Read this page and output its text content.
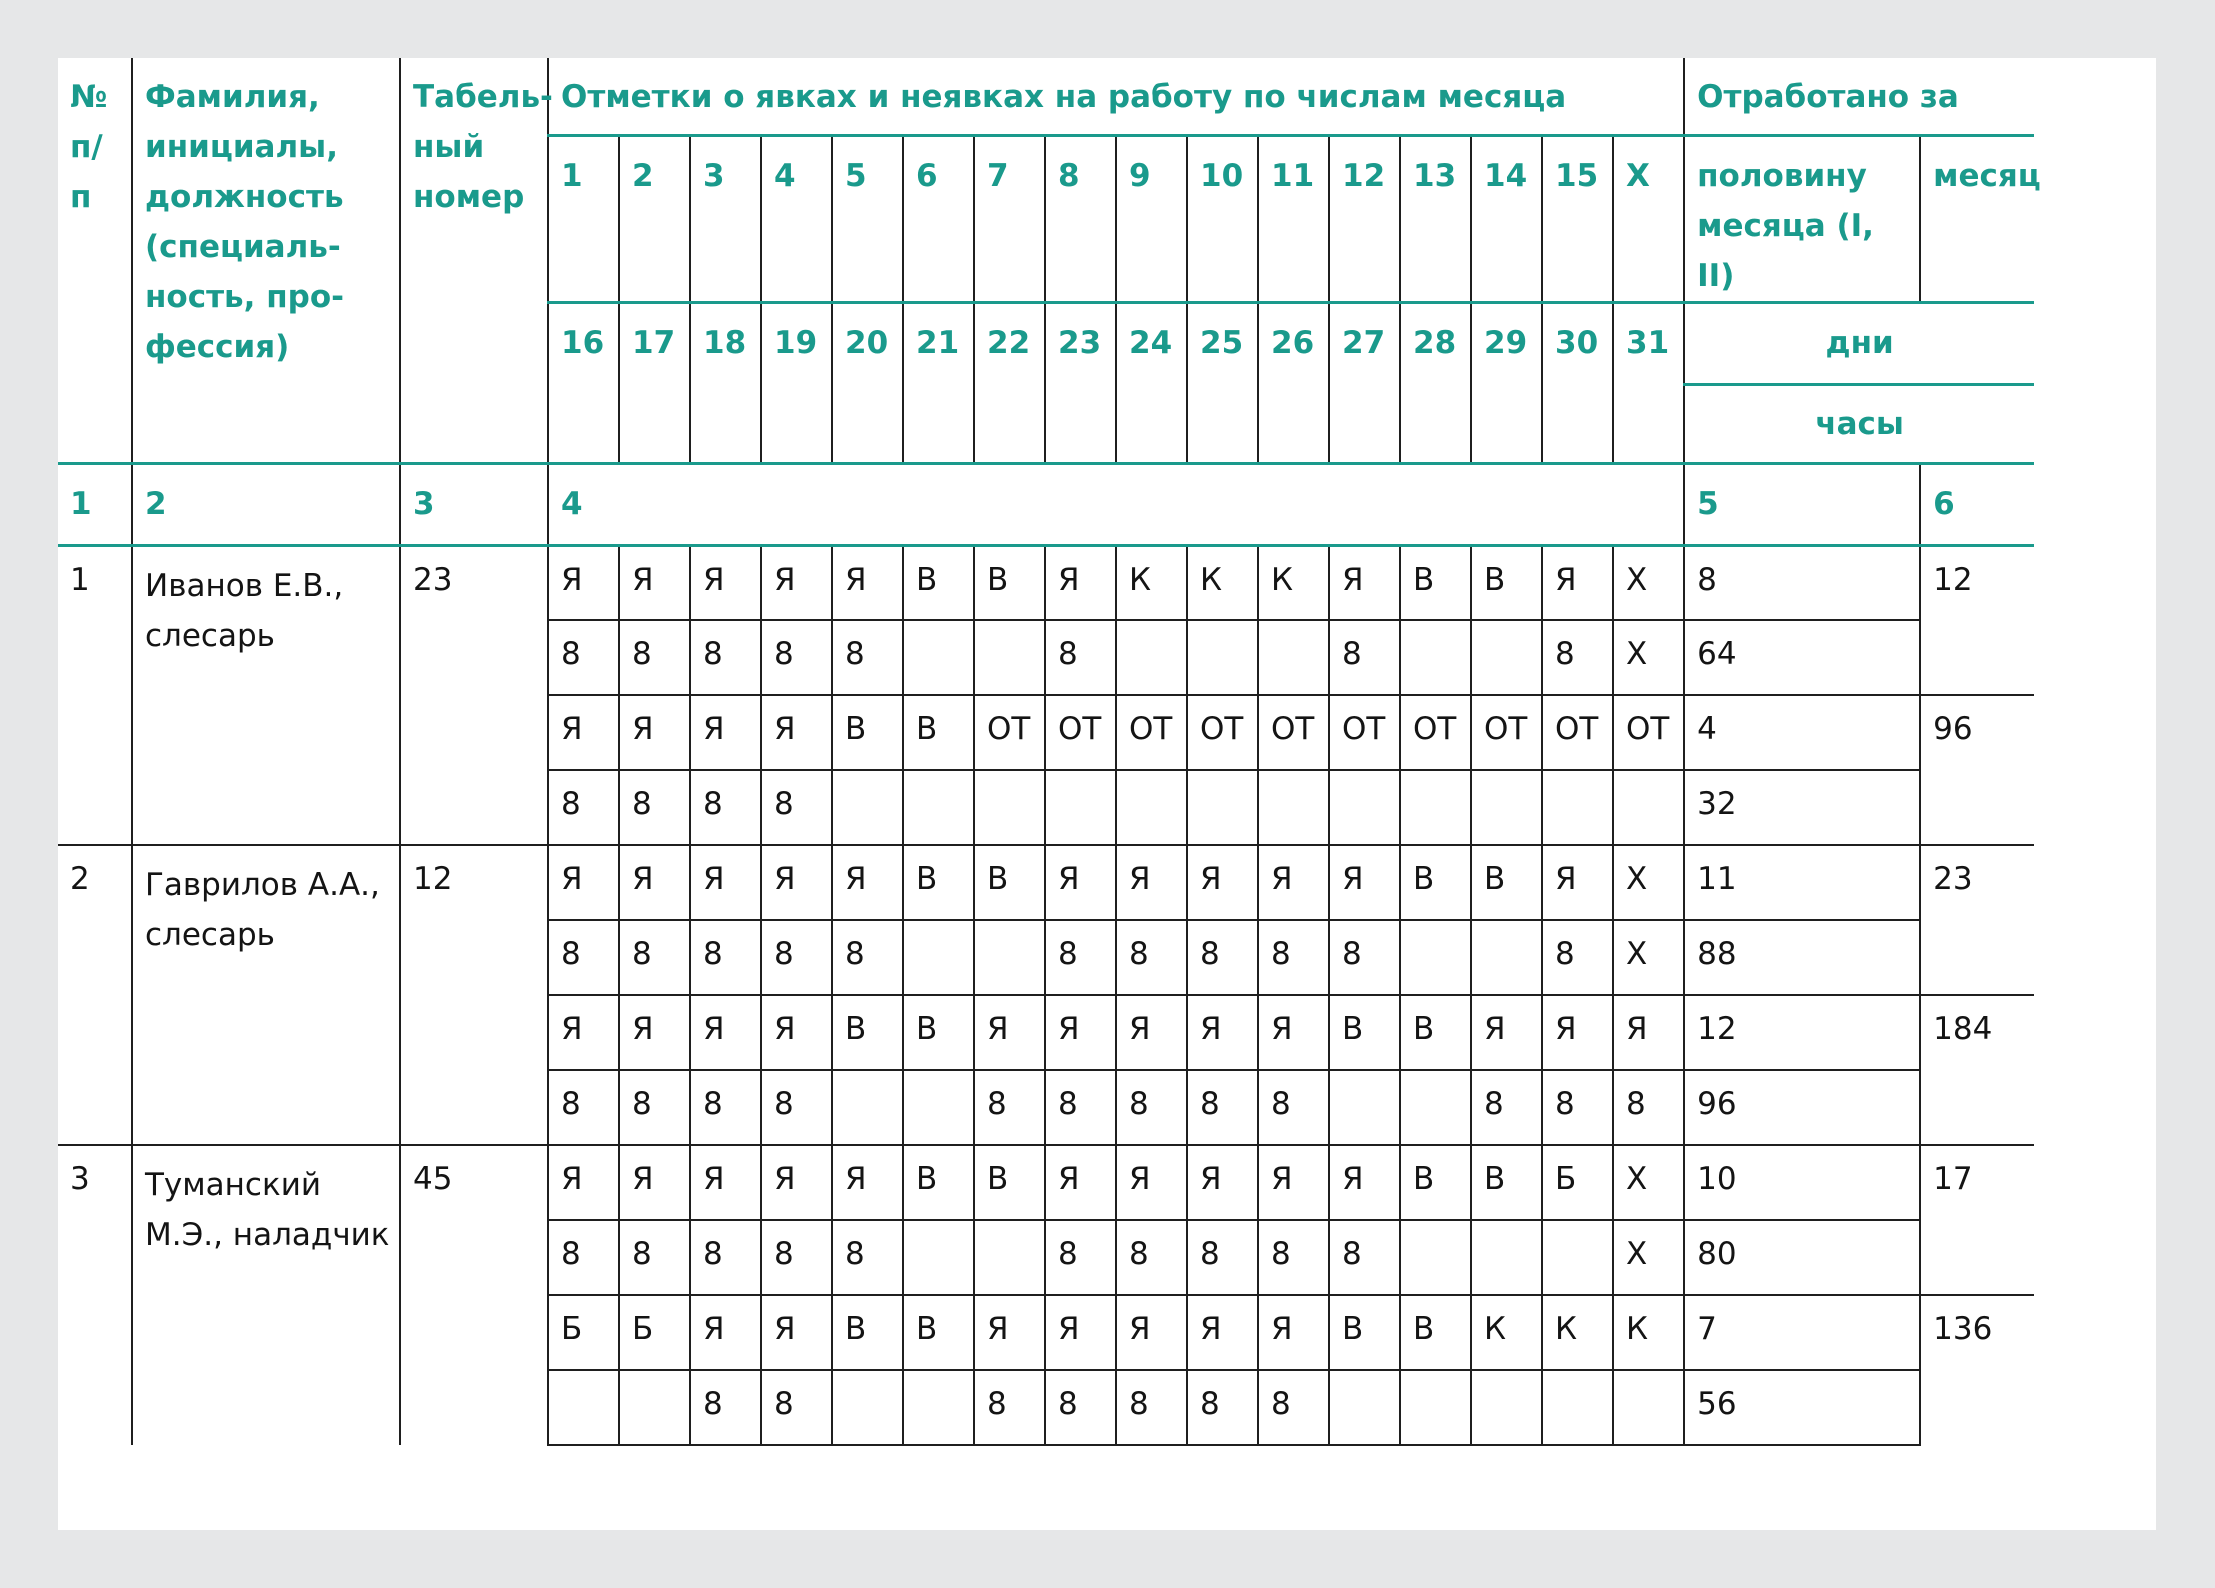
№ п/п	Фамилия, инициалы, должность (специаль-ность, про-фессия)	Табель-ный номер	Отметки о явках и неявках на работу по числам месяца																Отработано за	

			1	2	3	4	5	6	7	8	9	10	11	12	13	14	15	Х	половину месяца (I, II)	месяц

			16	17	18	19	20	21	22	23	24	25	26	27	28	29	30	31	дни	

																			часы	

1	2	3	4																5	6

1	Иванов Е.В., слесарь	23	Я	Я	Я	Я	Я	В	В	Я	К	К	К	Я	В	В	Я	Х	8	12

			8	8	8	8	8			8				8			8	Х	64	

			Я	Я	Я	Я	В	В	ОТ	ОТ	ОТ	ОТ	ОТ	ОТ	ОТ	ОТ	ОТ	ОТ	4	96

			8	8	8	8													32	

2	Гаврилов А.А., слесарь	12	Я	Я	Я	Я	Я	В	В	Я	Я	Я	Я	Я	В	В	Я	Х	11	23

			8	8	8	8	8			8	8	8	8	8			8	Х	88	

			Я	Я	Я	Я	В	В	Я	Я	Я	Я	Я	В	В	Я	Я	Я	12	184

			8	8	8	8			8	8	8	8	8			8	8	8	96	

3	Туманский М.Э., наладчик	45	Я	Я	Я	Я	Я	В	В	Я	Я	Я	Я	Я	В	В	Б	Х	10	17

			8	8	8	8	8			8	8	8	8	8				Х	80	

			Б	Б	Я	Я	В	В	Я	Я	Я	Я	Я	В	В	К	К	К	7	136

					8	8			8	8	8	8	8						56	
